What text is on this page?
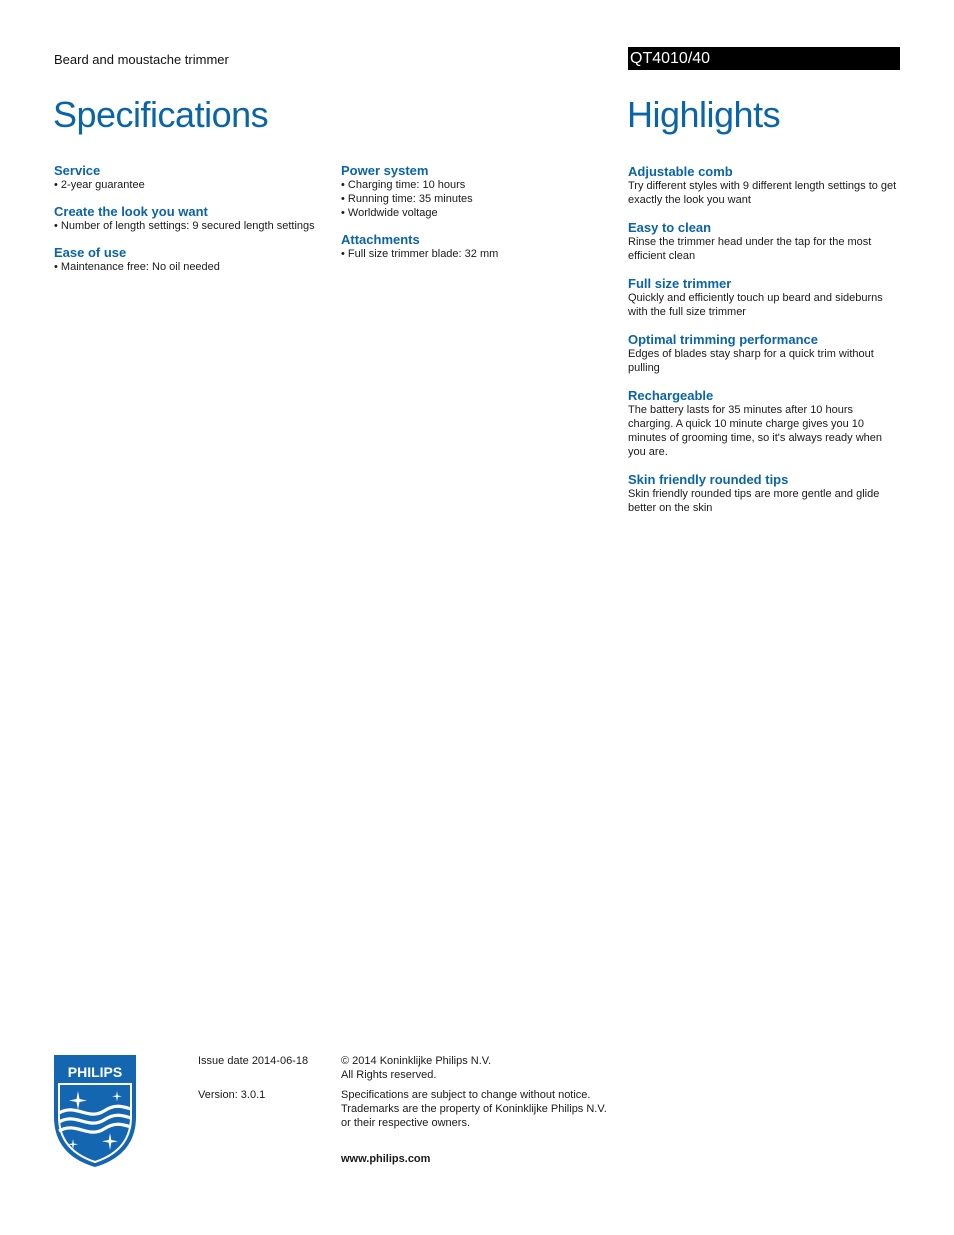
Beard and moustache trimmer	QT4010/40
Specifications	Highlights

Service

• 2-year guarantee

Create the look you want

• Number of length settings: 9 secured length settings

Ease of use

• Maintenance free: No oil needed

Power system

• Charging time: 10 hours

• Running time: 35 minutes

• Worldwide voltage

Attachments

• Full size trimmer blade: 32 mm

Adjustable comb

Try different styles with 9 different length settings to get exactly the look you want

Easy to clean

Rinse the trimmer head under the tap for the most efficient clean

Full size trimmer

Quickly and efficiently touch up beard and sideburns with the full size trimmer

Optimal trimming performance

Edges of blades stay sharp for a quick trim without pulling

Rechargeable

The battery lasts for 35 minutes after 10 hours charging. A quick 10 minute charge gives you 10 minutes of grooming time, so it's always ready when you are.

Skin friendly rounded tips

Skin friendly rounded tips are more gentle and glide better on the skin

PHILIPS
Issue date 2014-06-18
Version: 3.0.1
© 2014 Koninklijke Philips N.V.
All Rights reserved.
Specifications are subject to change without notice.
Trademarks are the property of Koninklijke Philips N.V.
or their respective owners.
www.philips.com
